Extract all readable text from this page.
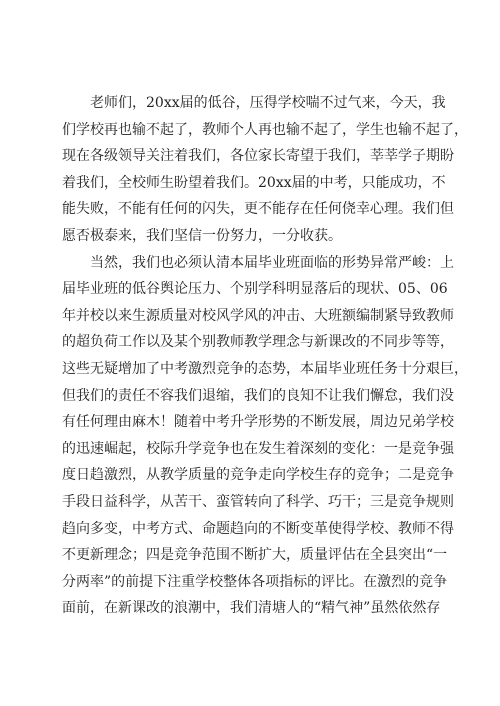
老师们，20xx届的低谷，压得学校喘不过气来，今天，我
们学校再也输不起了，教师个人再也输不起了，学生也输不起了，
现在各级领导关注着我们，各位家长寄望于我们，莘莘学子期盼
着我们，全校师生盼望着我们。20xx届的中考，只能成功，不
能失败，不能有任何的闪失，更不能存在任何侥幸心理。我们但
愿否极泰来，我们坚信一份努力，一分收获。
当然，我们也必须认清本届毕业班面临的形势异常严峻：上
届毕业班的低谷舆论压力、个别学科明显落后的现状、05、06
年并校以来生源质量对校风学风的冲击、大班额编制紧导致教师
的超负荷工作以及某个别教师教学理念与新课改的不同步等等，
这些无疑增加了中考激烈竞争的态势，本届毕业班任务十分艰巨，
但我们的责任不容我们退缩，我们的良知不让我们懈怠，我们没
有任何理由麻木！随着中考升学形势的不断发展，周边兄弟学校
的迅速崛起，校际升学竞争也在发生着深刻的变化：一是竞争强
度日趋激烈，从教学质量的竞争走向学校生存的竞争；二是竞争
手段日益科学，从苦干、蛮管转向了科学、巧干；三是竞争规则
趋向多变，中考方式、命题趋向的不断变革使得学校、教师不得
不更新理念；四是竞争范围不断扩大，质量评估在全县突出“一
分两率”的前提下注重学校整体各项指标的评比。在激烈的竞争
面前，在新课改的浪潮中，我们清塘人的“精气神”虽然依然存
